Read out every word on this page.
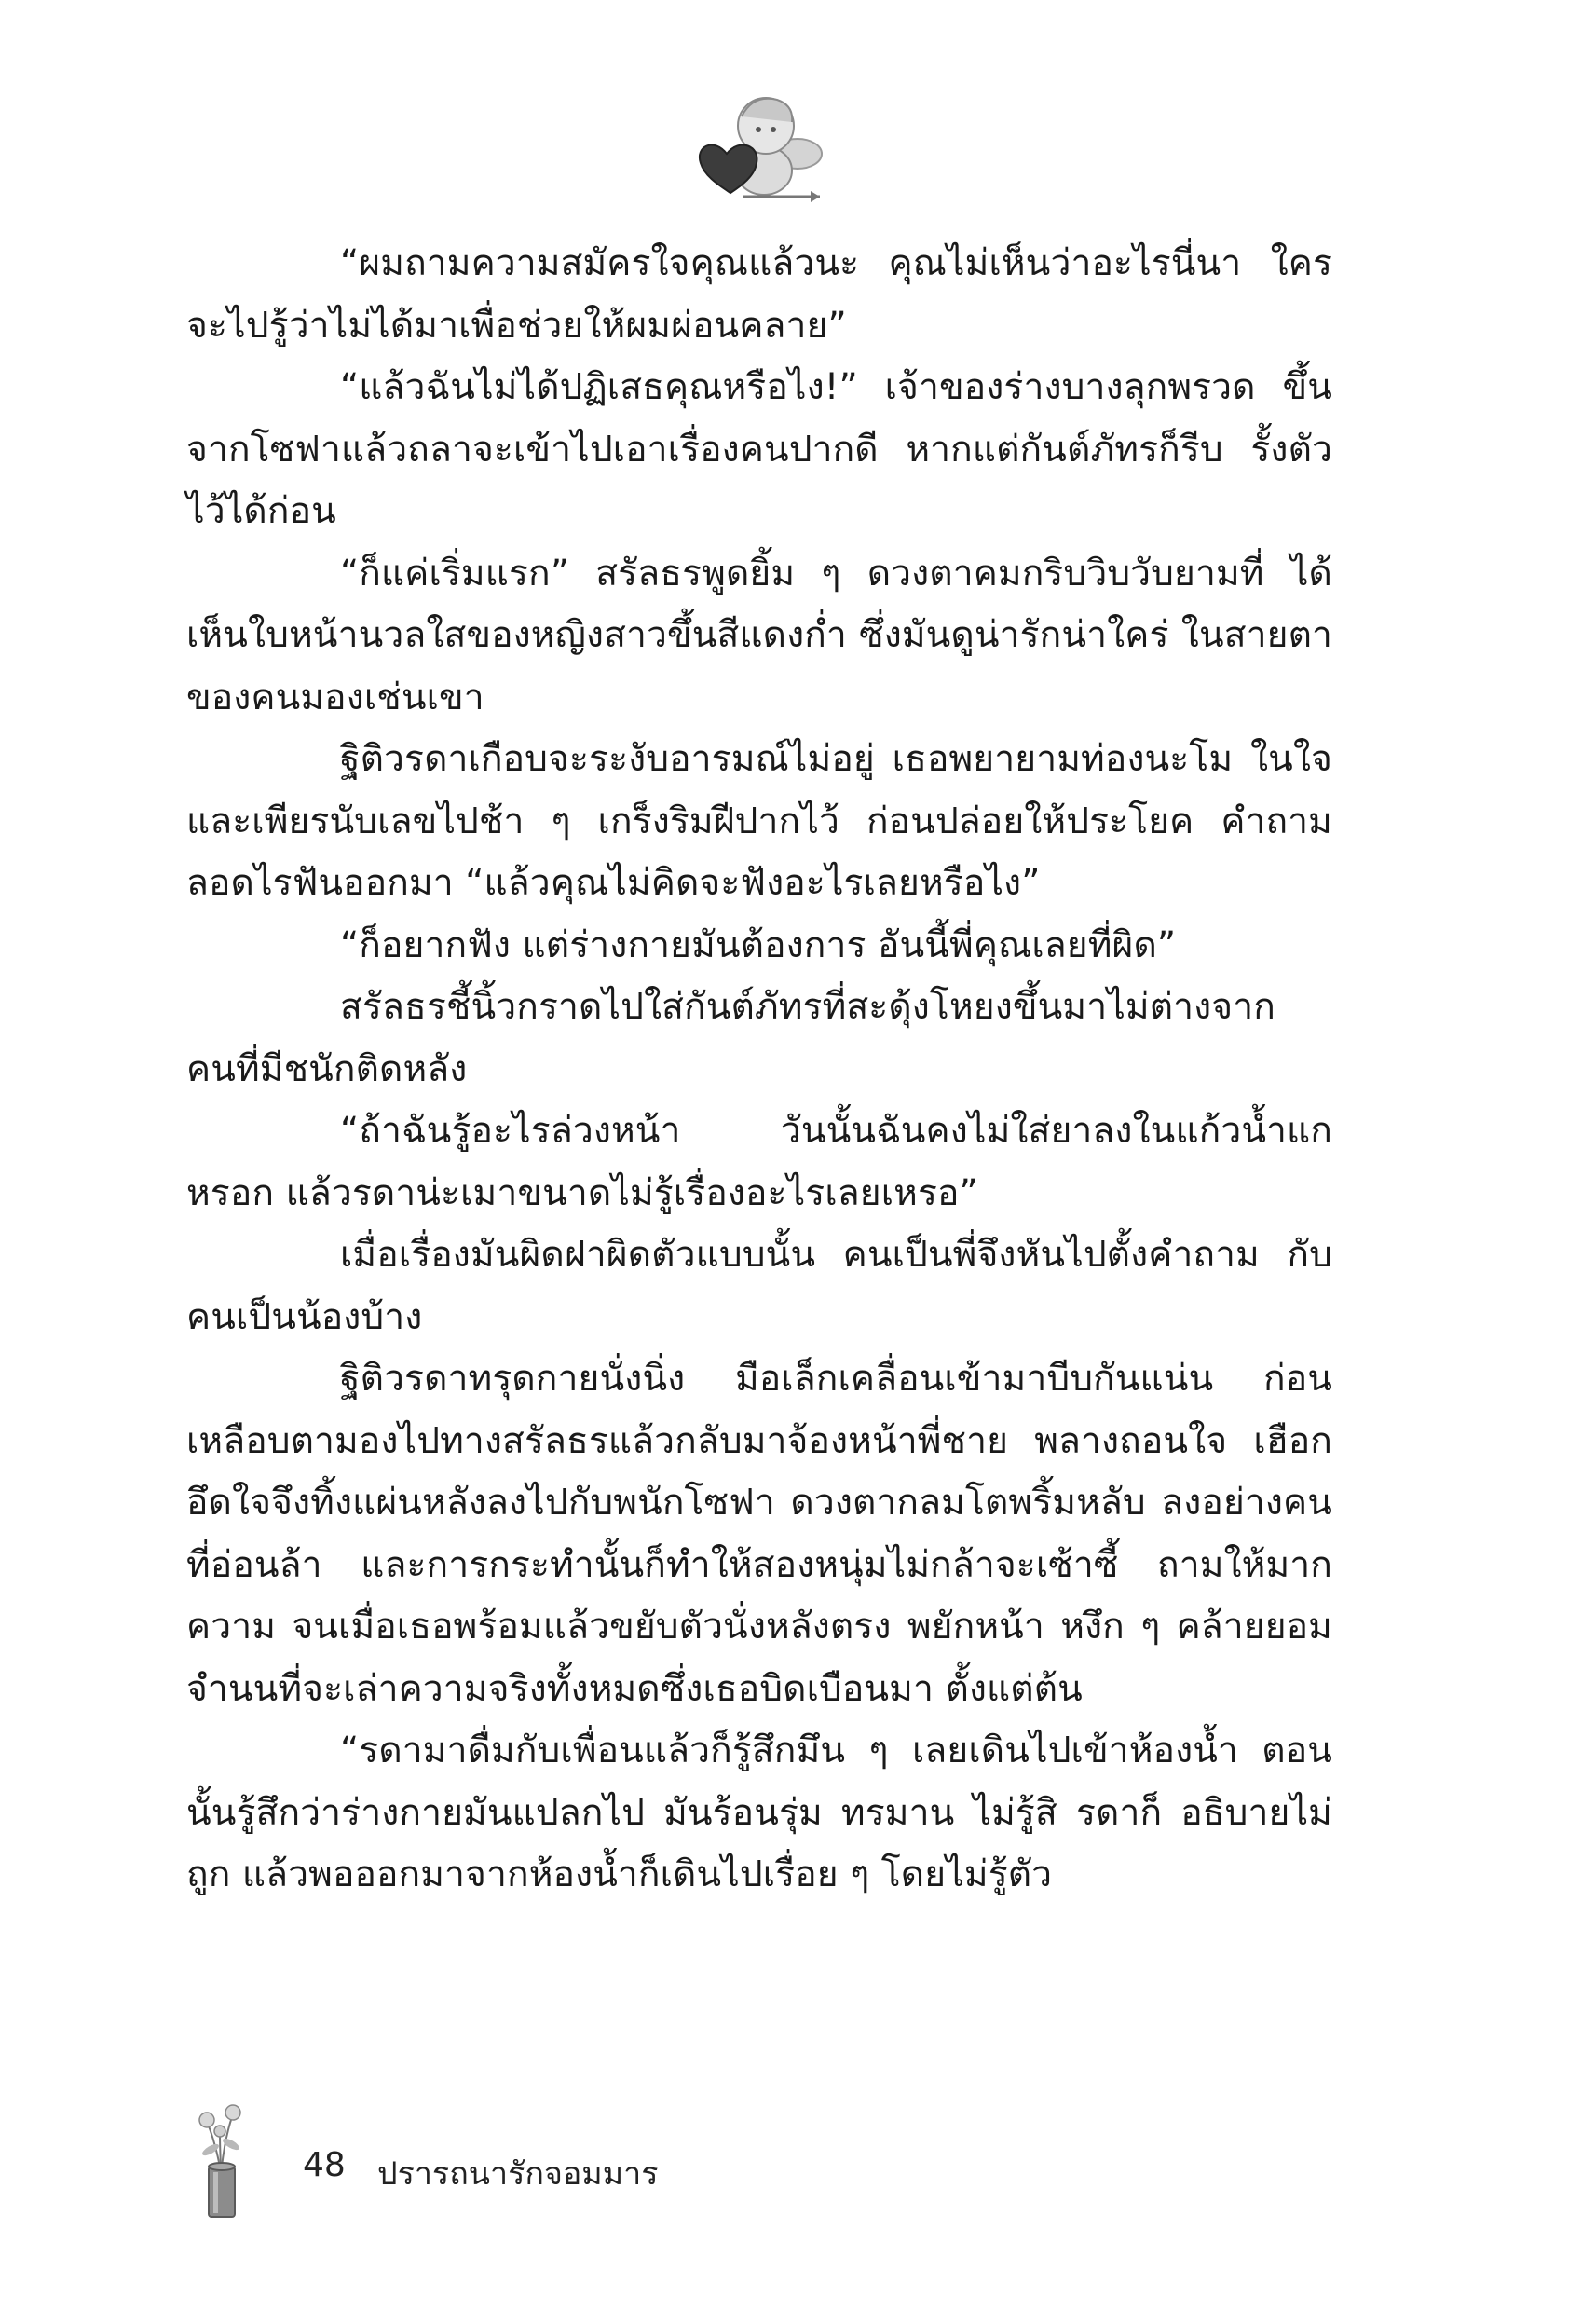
“ผมถามความสมัครใจคุณแล้วนะ คุณไม่เห็นว่าอะไรนี่นา ใครจะไปรู้ว่าไม่ได้มาเพื่อช่วยให้ผมผ่อนคลาย”

“แล้วฉันไม่ได้ปฏิเสธคุณหรือไง!” เจ้าของร่างบางลุกพรวด ขึ้นจากโซฟาแล้วถลาจะเข้าไปเอาเรื่องคนปากดี หากแต่กันต์ภัทรก็รีบ รั้งตัวไว้ได้ก่อน

“ก็แค่เริ่มแรก” สรัลธรพูดยิ้ม ๆ ดวงตาคมกริบวิบวับยามที่ ได้เห็นใบหน้านวลใสของหญิงสาวขึ้นสีแดงก่ำ ซึ่งมันดูน่ารักน่าใคร่ ในสายตาของคนมองเช่นเขา

ฐิติวรดาเกือบจะระงับอารมณ์ไม่อยู่ เธอพยายามท่องนะโม ในใจและเพียรนับเลขไปช้า ๆ เกร็งริมฝีปากไว้ ก่อนปล่อยให้ประโยค คำถามลอดไรฟันออกมา “แล้วคุณไม่คิดจะฟังอะไรเลยหรือไง”

“ก็อยากฟัง แต่ร่างกายมันต้องการ อันนี้พี่คุณเลยที่ผิด”

สรัลธรชี้นิ้วกราดไปใส่กันต์ภัทรที่สะดุ้งโหยงขึ้นมาไม่ต่างจาก คนที่มีชนักติดหลัง

“ถ้าฉันรู้อะไรล่วงหน้า วันนั้นฉันคงไม่ใส่ยาลงในแก้วน้ำแก หรอก แล้วรดาน่ะเมาขนาดไม่รู้เรื่องอะไรเลยเหรอ”

เมื่อเรื่องมันผิดฝาผิดตัวแบบนั้น คนเป็นพี่จึงหันไปตั้งคำถาม กับคนเป็นน้องบ้าง

ฐิติวรดาทรุดกายนั่งนิ่ง มือเล็กเคลื่อนเข้ามาบีบกันแน่น ก่อน เหลือบตามองไปทางสรัลธรแล้วกลับมาจ้องหน้าพี่ชาย พลางถอนใจ เฮือก อึดใจจึงทิ้งแผ่นหลังลงไปกับพนักโซฟา ดวงตากลมโตพริ้มหลับ ลงอย่างคนที่อ่อนล้า และการกระทำนั้นก็ทำให้สองหนุ่มไม่กล้าจะเซ้าซี้ ถามให้มากความ จนเมื่อเธอพร้อมแล้วขยับตัวนั่งหลังตรง พยักหน้า หงึก ๆ คล้ายยอมจำนนที่จะเล่าความจริงทั้งหมดซึ่งเธอบิดเบือนมา ตั้งแต่ต้น

“รดามาดื่มกับเพื่อนแล้วก็รู้สึกมึน ๆ เลยเดินไปเข้าห้องน้ำ ตอนนั้นรู้สึกว่าร่างกายมันแปลกไป มันร้อนรุ่ม ทรมาน ไม่รู้สิ รดาก็ อธิบายไม่ถูก แล้วพอออกมาจากห้องน้ำก็เดินไปเรื่อย ๆ โดยไม่รู้ตัว

48 ปรารถนารักจอมมาร
